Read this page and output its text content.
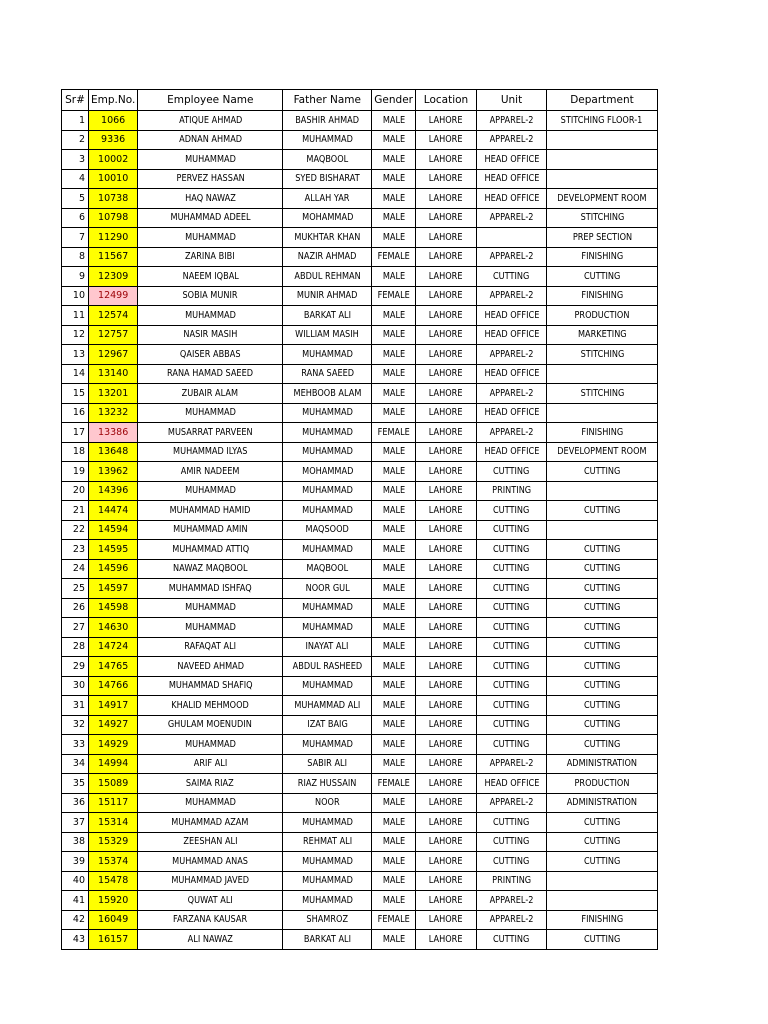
Sr#	Emp.No.	Employee Name	Father Name	Gender	Location	Unit	Department
1	1066	ATIQUE AHMAD	BASHIR AHMAD	MALE	LAHORE	APPAREL-2	STITCHING FLOOR-1
2	9336	ADNAN AHMAD	MUHAMMAD	MALE	LAHORE	APPAREL-2	
3	10002	MUHAMMAD	MAQBOOL	MALE	LAHORE	HEAD OFFICE	
4	10010	PERVEZ HASSAN	SYED BISHARAT	MALE	LAHORE	HEAD OFFICE	
5	10738	HAQ NAWAZ	ALLAH YAR	MALE	LAHORE	HEAD OFFICE	DEVELOPMENT ROOM
6	10798	MUHAMMAD ADEEL	MOHAMMAD	MALE	LAHORE	APPAREL-2	STITCHING
7	11290	MUHAMMAD	MUKHTAR KHAN	MALE	LAHORE		PREP SECTION
8	11567	ZARINA BIBI	NAZIR AHMAD	FEMALE	LAHORE	APPAREL-2	FINISHING
9	12309	NAEEM IQBAL	ABDUL REHMAN	MALE	LAHORE	CUTTING	CUTTING
10	12499	SOBIA MUNIR	MUNIR AHMAD	FEMALE	LAHORE	APPAREL-2	FINISHING
11	12574	MUHAMMAD	BARKAT ALI	MALE	LAHORE	HEAD OFFICE	PRODUCTION
12	12757	NASIR MASIH	WILLIAM MASIH	MALE	LAHORE	HEAD OFFICE	MARKETING
13	12967	QAISER ABBAS	MUHAMMAD	MALE	LAHORE	APPAREL-2	STITCHING
14	13140	RANA HAMAD SAEED	RANA SAEED	MALE	LAHORE	HEAD OFFICE	
15	13201	ZUBAIR ALAM	MEHBOOB ALAM	MALE	LAHORE	APPAREL-2	STITCHING
16	13232	MUHAMMAD	MUHAMMAD	MALE	LAHORE	HEAD OFFICE	
17	13386	MUSARRAT PARVEEN	MUHAMMAD	FEMALE	LAHORE	APPAREL-2	FINISHING
18	13648	MUHAMMAD ILYAS	MUHAMMAD	MALE	LAHORE	HEAD OFFICE	DEVELOPMENT ROOM
19	13962	AMIR NADEEM	MOHAMMAD	MALE	LAHORE	CUTTING	CUTTING
20	14396	MUHAMMAD	MUHAMMAD	MALE	LAHORE	PRINTING	
21	14474	MUHAMMAD HAMID	MUHAMMAD	MALE	LAHORE	CUTTING	CUTTING
22	14594	MUHAMMAD AMIN	MAQSOOD	MALE	LAHORE	CUTTING	
23	14595	MUHAMMAD ATTIQ	MUHAMMAD	MALE	LAHORE	CUTTING	CUTTING
24	14596	NAWAZ MAQBOOL	MAQBOOL	MALE	LAHORE	CUTTING	CUTTING
25	14597	MUHAMMAD ISHFAQ	NOOR GUL	MALE	LAHORE	CUTTING	CUTTING
26	14598	MUHAMMAD	MUHAMMAD	MALE	LAHORE	CUTTING	CUTTING
27	14630	MUHAMMAD	MUHAMMAD	MALE	LAHORE	CUTTING	CUTTING
28	14724	RAFAQAT ALI	INAYAT ALI	MALE	LAHORE	CUTTING	CUTTING
29	14765	NAVEED AHMAD	ABDUL RASHEED	MALE	LAHORE	CUTTING	CUTTING
30	14766	MUHAMMAD SHAFIQ	MUHAMMAD	MALE	LAHORE	CUTTING	CUTTING
31	14917	KHALID MEHMOOD	MUHAMMAD ALI	MALE	LAHORE	CUTTING	CUTTING
32	14927	GHULAM MOENUDIN	IZAT BAIG	MALE	LAHORE	CUTTING	CUTTING
33	14929	MUHAMMAD	MUHAMMAD	MALE	LAHORE	CUTTING	CUTTING
34	14994	ARIF ALI	SABIR ALI	MALE	LAHORE	APPAREL-2	ADMINISTRATION
35	15089	SAIMA RIAZ	RIAZ HUSSAIN	FEMALE	LAHORE	HEAD OFFICE	PRODUCTION
36	15117	MUHAMMAD	NOOR	MALE	LAHORE	APPAREL-2	ADMINISTRATION
37	15314	MUHAMMAD AZAM	MUHAMMAD	MALE	LAHORE	CUTTING	CUTTING
38	15329	ZEESHAN ALI	REHMAT ALI	MALE	LAHORE	CUTTING	CUTTING
39	15374	MUHAMMAD ANAS	MUHAMMAD	MALE	LAHORE	CUTTING	CUTTING
40	15478	MUHAMMAD JAVED	MUHAMMAD	MALE	LAHORE	PRINTING	
41	15920	QUWAT ALI	MUHAMMAD	MALE	LAHORE	APPAREL-2	
42	16049	FARZANA KAUSAR	SHAMROZ	FEMALE	LAHORE	APPAREL-2	FINISHING
43	16157	ALI NAWAZ	BARKAT ALI	MALE	LAHORE	CUTTING	CUTTING
